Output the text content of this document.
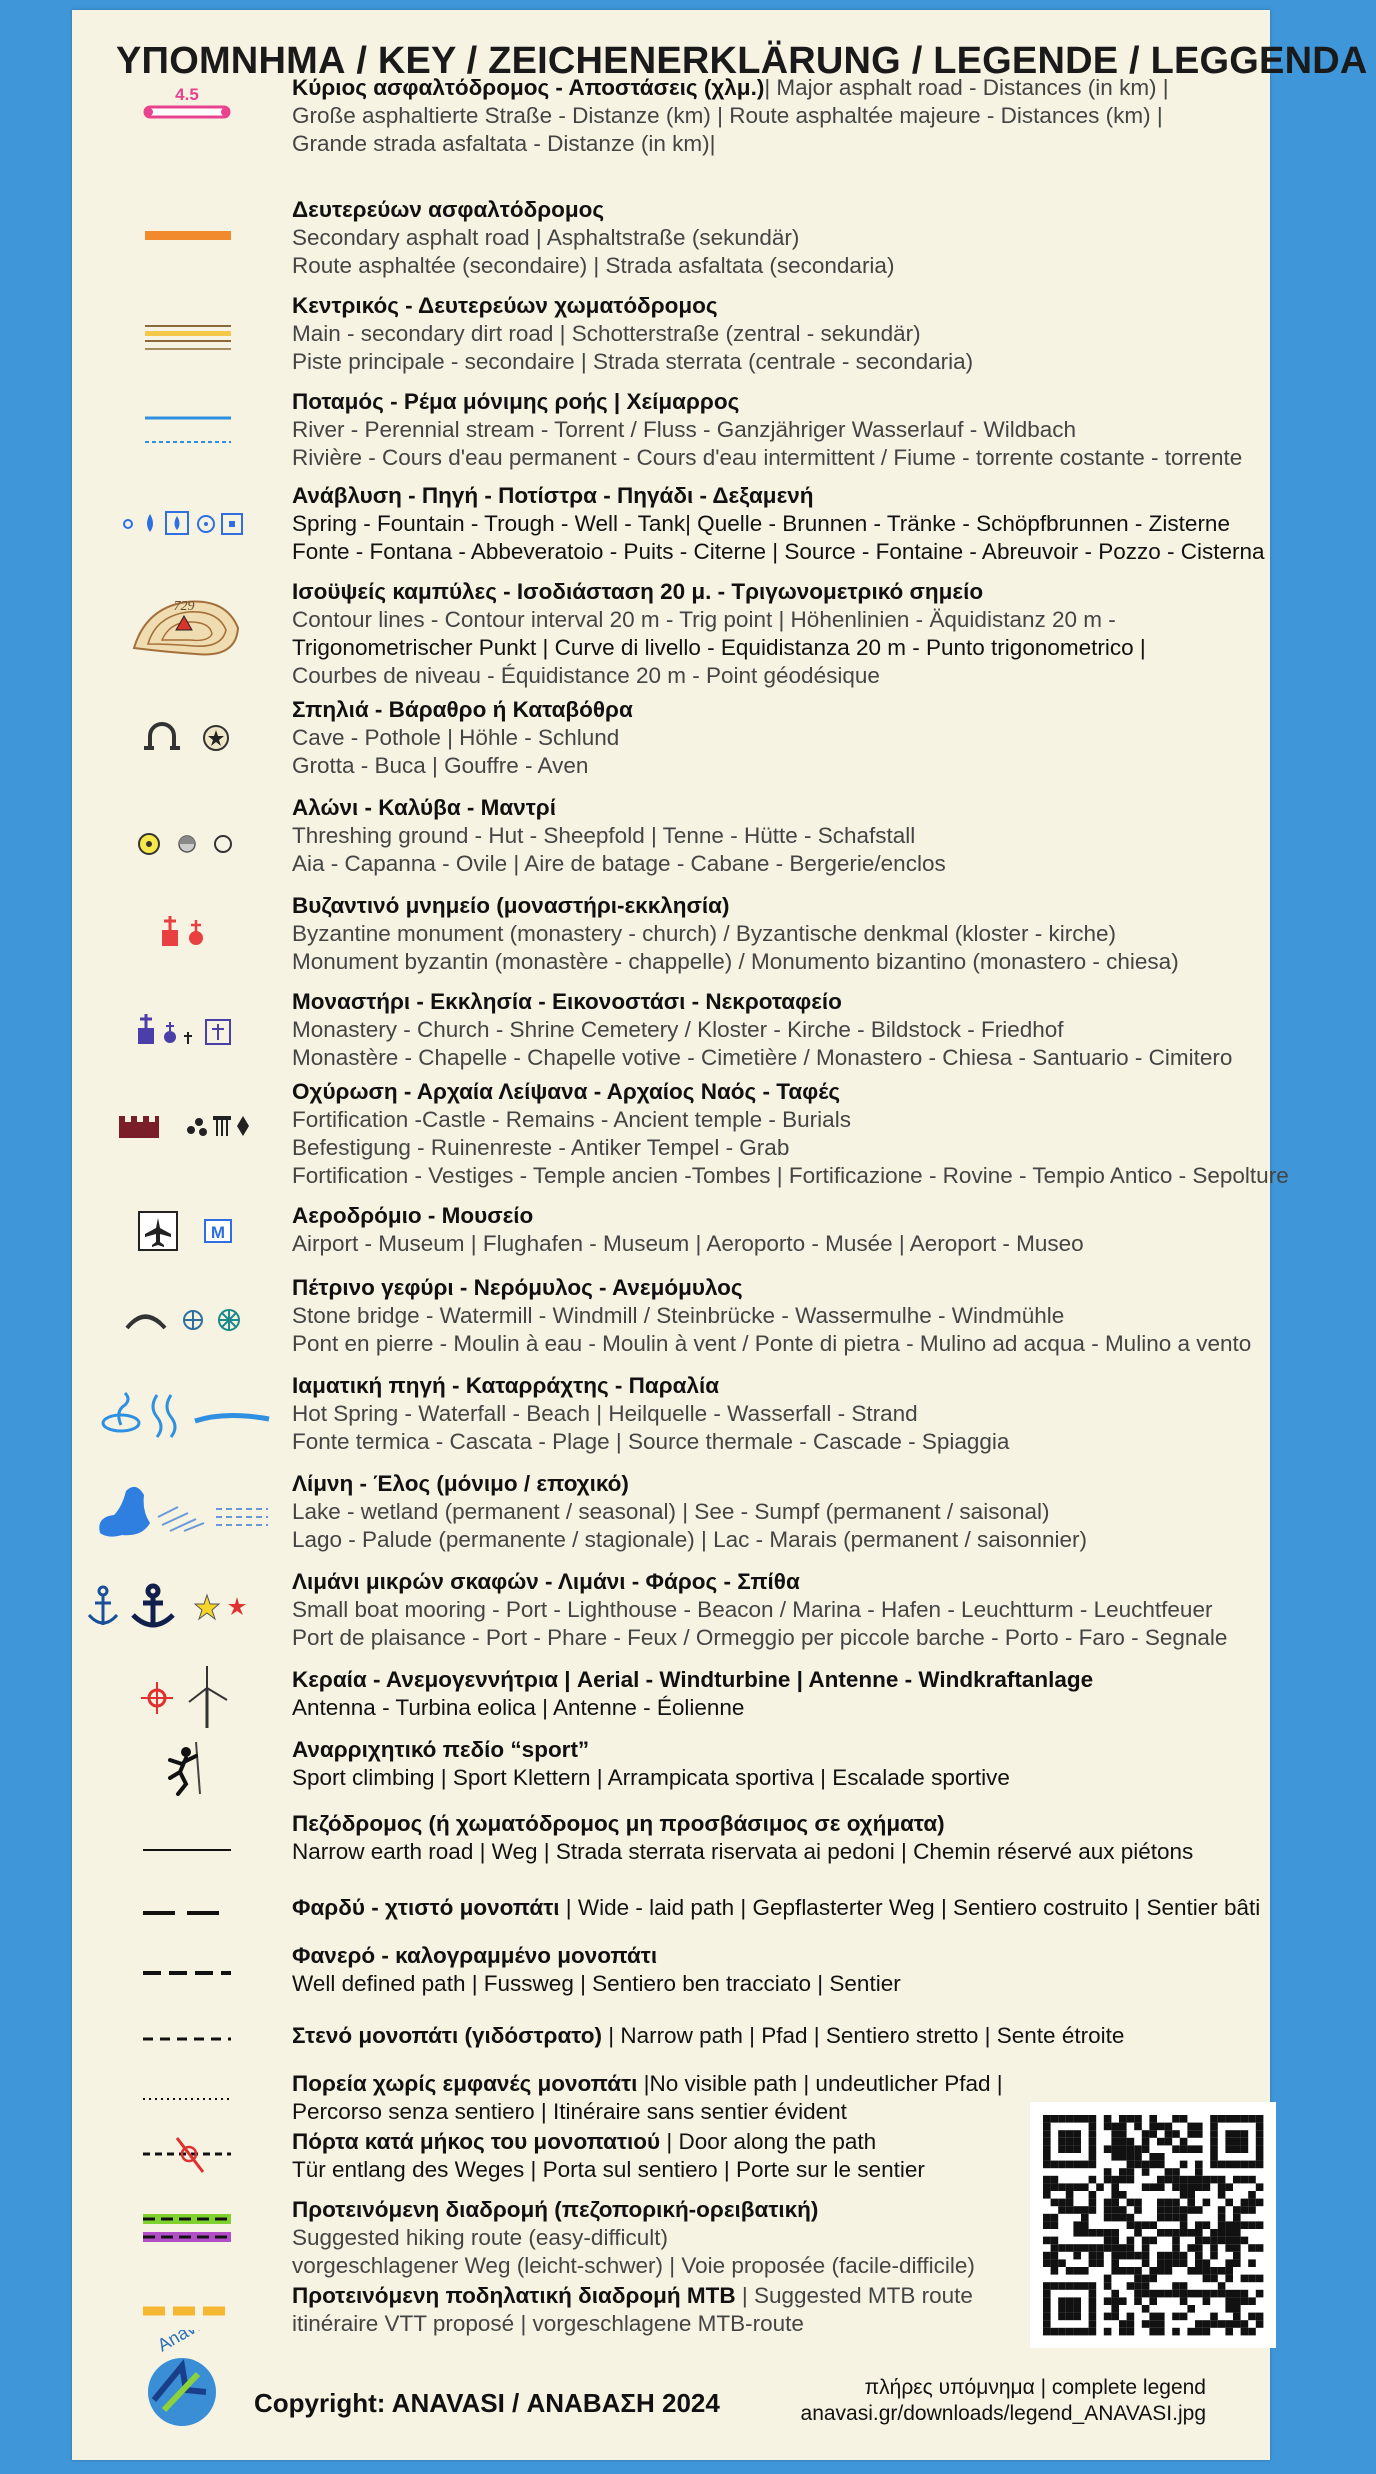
ΥΠΟΜΝΗΜΑ / KEY / ZEICHENERKLÄRUNG / LEGENDE / LEGGENDA
4.5	Κύριος ασφαλτόδρομος - Αποστάσεις (χλμ.)| Major asphalt road - Distances (in km) |
Große asphaltierte Straße - Distanze (km) | Route asphaltée majeure - Distances (km) |
Grande strada asfaltata - Distanze (in km)|
Δευτερεύων ασφαλτόδρομος
Secondary asphalt road | Asphaltstraße (sekundär)
Route asphaltée (secondaire) | Strada asfaltata (secondaria)
Κεντρικός - Δευτερεύων χωματόδρομος
Main - secondary dirt road | Schotterstraße (zentral - sekundär)
Piste principale - secondaire | Strada sterrata (centrale - secondaria)
Ποταμός - Ρέμα μόνιμης ροής | Χείμαρρος
River - Perennial stream - Torrent / Fluss - Ganzjähriger Wasserlauf - Wildbach
Rivière - Cours d'eau permanent - Cours d'eau intermittent / Fiume - torrente costante - torrente
Ανάβλυση - Πηγή - Ποτίστρα - Πηγάδι - Δεξαμενή
Spring - Fountain - Trough - Well - Tank| Quelle - Brunnen - Tränke - Schöpfbrunnen - Zisterne
Fonte - Fontana - Abbeveratoio - Puits - Citerne | Source - Fontaine - Abreuvoir - Pozzo - Cisterna
729
Ισοϋψείς καμπύλες - Ισοδιάσταση 20 μ. - Τριγωνομετρικό σημείο
Contour lines - Contour interval 20 m - Trig point | Höhenlinien - Äquidistanz 20 m -
Trigonometrischer Punkt | Curve di livello - Equidistanza 20 m - Punto trigonometrico |
Courbes de niveau - Équidistance 20 m - Point géodésique
Σπηλιά - Βάραθρο ή Καταβόθρα
Cave - Pothole | Höhle - Schlund
Grotta - Buca | Gouffre - Aven
Αλώνι - Καλύβα - Μαντρί
Threshing ground - Hut - Sheepfold | Tenne - Hütte - Schafstall
Aia - Capanna - Ovile | Aire de batage - Cabane - Bergerie/enclos
Βυζαντινό μνημείο (μοναστήρι-εκκλησία)
Byzantine monument (monastery - church) / Byzantische denkmal (kloster - kirche)
Monument byzantin (monastère - chappelle) / Monumento bizantino (monastero - chiesa)
Μοναστήρι - Εκκλησία - Εικονοστάσι - Νεκροταφείο
Monastery - Church - Shrine Cemetery / Kloster - Kirche - Bildstock - Friedhof
Monastère - Chapelle - Chapelle votive - Cimetière / Monastero - Chiesa - Santuario - Cimitero
Οχύρωση - Αρχαία Λείψανα - Αρχαίος Ναός - Ταφές
Fortification -Castle - Remains - Ancient temple - Burials
Befestigung - Ruinenreste - Antiker Tempel - Grab
Fortification - Vestiges - Temple ancien -Tombes | Fortificazione - Rovine - Tempio Antico - Sepolture
M
Αεροδρόμιο - Μουσείο
Airport - Museum | Flughafen - Museum | Aeroporto - Musée | Aeroport - Museo
Πέτρινο γεφύρι - Νερόμυλος - Ανεμόμυλος
Stone bridge - Watermill - Windmill / Steinbrücke - Wassermulhe - Windmühle
Pont en pierre - Moulin à eau - Moulin à vent / Ponte di pietra - Mulino ad acqua - Mulino a vento
Ιαματική πηγή - Καταρράχτης - Παραλία
Hot Spring - Waterfall - Beach | Heilquelle - Wasserfall - Strand
Fonte termica - Cascata - Plage | Source thermale - Cascade - Spiaggia
Λίμνη - Έλος (μόνιμο / εποχικό)
Lake - wetland (permanent / seasonal) | See - Sumpf (permanent / saisonal)
Lago - Palude (permanente / stagionale) | Lac - Marais (permanent / saisonnier)
Λιμάνι μικρών σκαφών - Λιμάνι - Φάρος - Σπίθα
Small boat mooring - Port - Lighthouse - Beacon / Marina - Hafen - Leuchtturm - Leuchtfeuer
Port de plaisance - Port - Phare - Feux / Ormeggio per piccole barche - Porto - Faro - Segnale
Κεραία - Ανεμογεννήτρια | Aerial - Windturbine | Antenne - Windkraftanlage
Antenna - Turbina eolica | Antenne - Éolienne
Αναρριχητικό πεδίο “sport”
Sport climbing | Sport Klettern | Arrampicata sportiva | Escalade sportive
Πεζόδρομος (ή χωματόδρομος μη προσβάσιμος σε οχήματα)
Narrow earth road | Weg | Strada sterrata riservata ai pedoni | Chemin réservé aux piétons
Φαρδύ - χτιστό μονοπάτι | Wide - laid path | Gepflasterter Weg | Sentiero costruito | Sentier bâti
Φανερό - καλογραμμένο μονοπάτι
Well defined path | Fussweg | Sentiero ben tracciato | Sentier
Στενό μονοπάτι (γιδόστρατο) | Narrow path | Pfad | Sentiero stretto | Sente étroite
Πορεία χωρίς εμφανές μονοπάτι |No visible path | undeutlicher Pfad |
Percorso senza sentiero | Itinéraire sans sentier évident
Πόρτα κατά μήκος του μονοπατιού | Door along the path
Tür entlang des Weges | Porta sul sentiero | Porte sur le sentier
Προτεινόμενη διαδρομή (πεζοπορική-ορειβατική)
Suggested hiking route (easy-difficult)
vorgeschlagener Weg (leicht-schwer) | Voie proposée (facile-difficile)
Προτεινόμενη ποδηλατική διαδρομή MTB | Suggested MTB route
itinéraire VTT proposé | vorgeschlagene MTB-route
Anavasi
Copyright: ANAVASI / ΑΝΑΒΑΣΗ 2024
πλήρες υπόμνημα | complete legend
anavasi.gr/downloads/legend_ANAVASI.jpg
